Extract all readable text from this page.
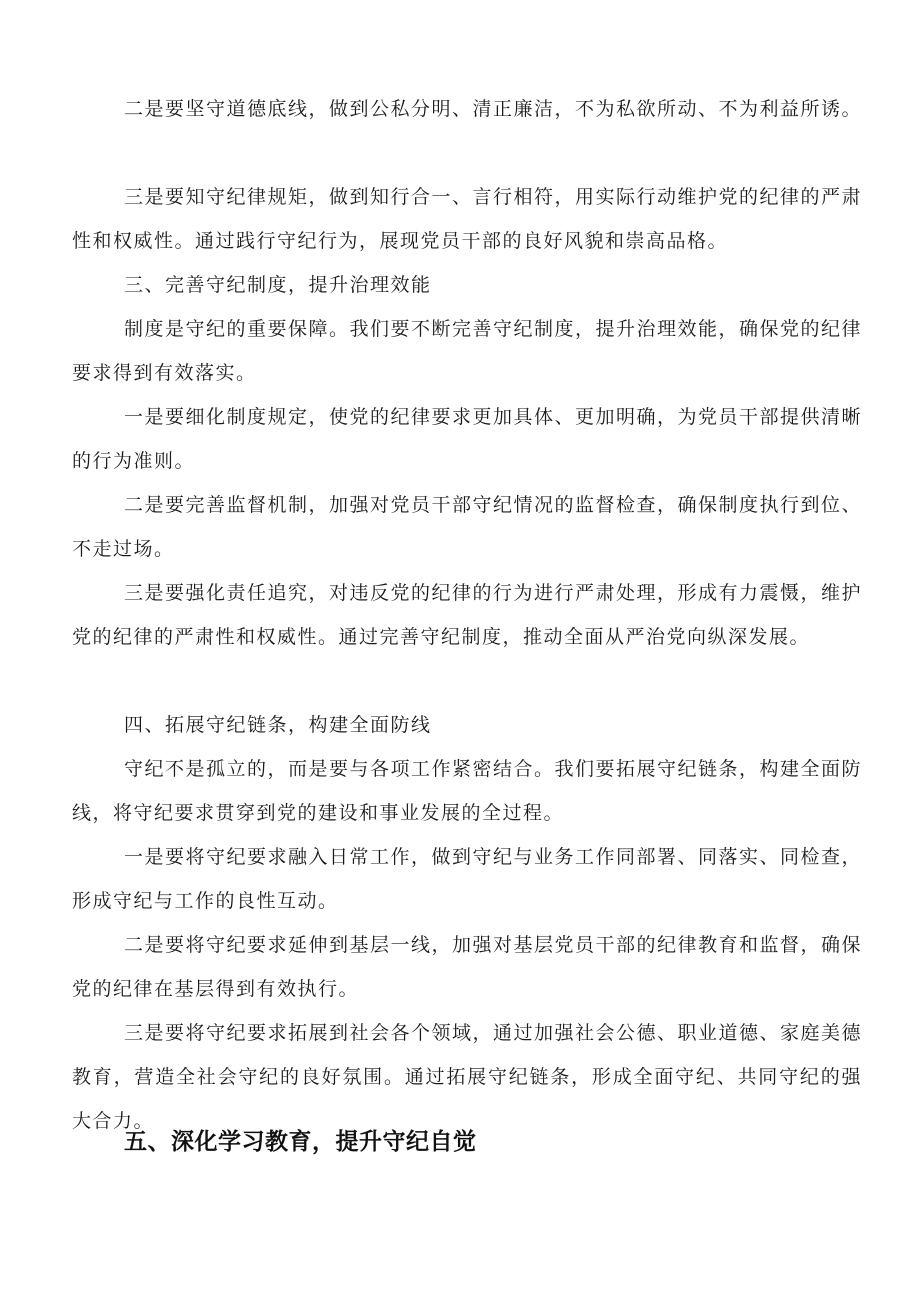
二是要坚守道德底线，做到公私分明、清正廉洁，不为私欲所动、不为利益所诱。

三是要知守纪律规矩，做到知行合一、言行相符，用实际行动维护党的纪律的严肃性和权威性。通过践行守纪行为，展现党员干部的良好风貌和崇高品格。

三、完善守纪制度，提升治理效能

制度是守纪的重要保障。我们要不断完善守纪制度，提升治理效能，确保党的纪律要求得到有效落实。

一是要细化制度规定，使党的纪律要求更加具体、更加明确，为党员干部提供清晰的行为准则。

二是要完善监督机制，加强对党员干部守纪情况的监督检查，确保制度执行到位、不走过场。

三是要强化责任追究，对违反党的纪律的行为进行严肃处理，形成有力震慑，维护党的纪律的严肃性和权威性。通过完善守纪制度，推动全面从严治党向纵深发展。

四、拓展守纪链条，构建全面防线

守纪不是孤立的，而是要与各项工作紧密结合。我们要拓展守纪链条，构建全面防线，将守纪要求贯穿到党的建设和事业发展的全过程。

一是要将守纪要求融入日常工作，做到守纪与业务工作同部署、同落实、同检查，形成守纪与工作的良性互动。

二是要将守纪要求延伸到基层一线，加强对基层党员干部的纪律教育和监督，确保党的纪律在基层得到有效执行。

三是要将守纪要求拓展到社会各个领域，通过加强社会公德、职业道德、家庭美德教育，营造全社会守纪的良好氛围。通过拓展守纪链条，形成全面守纪、共同守纪的强大合力。

五、深化学习教育，提升守纪自觉
